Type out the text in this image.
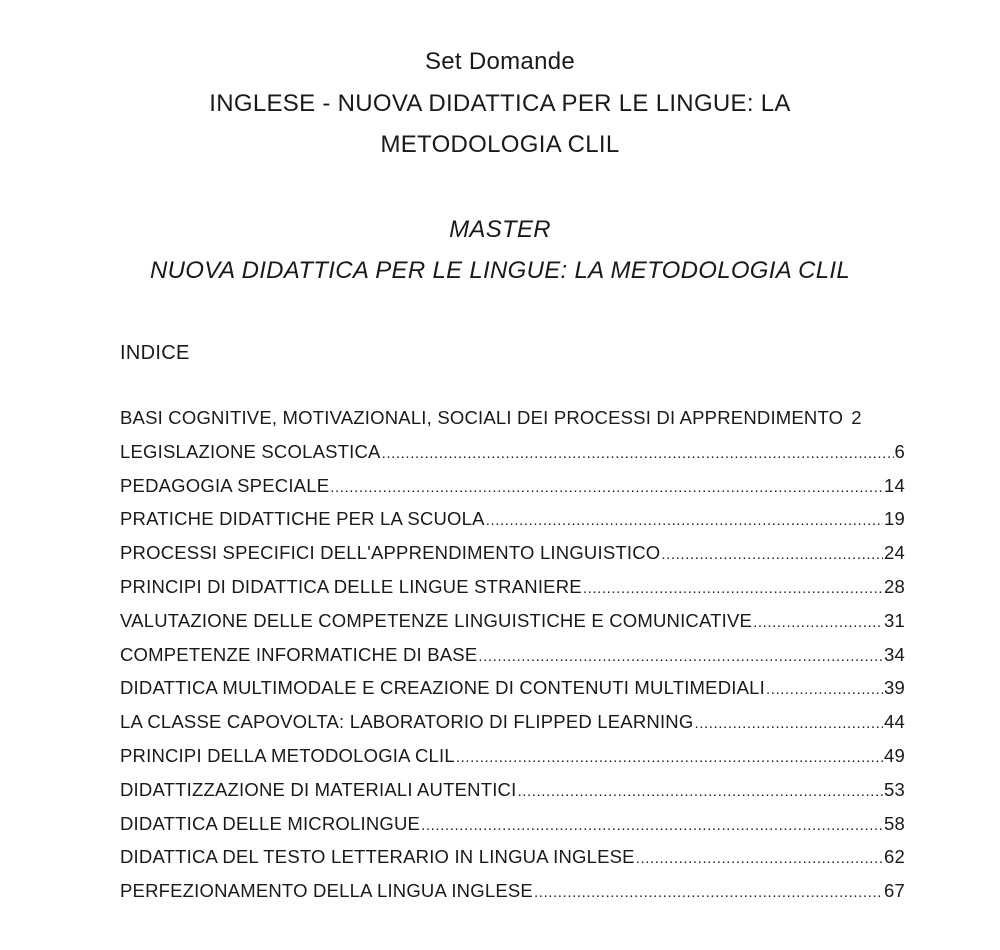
Set Domande
INGLESE - NUOVA DIDATTICA PER LE LINGUE: LA
METODOLOGIA CLIL
MASTER
NUOVA DIDATTICA PER LE LINGUE: LA METODOLOGIA CLIL
INDICE
BASI COGNITIVE, MOTIVAZIONALI, SOCIALI DEI PROCESSI DI APPRENDIMENTO 2
LEGISLAZIONE SCOLASTICA .....	6
PEDAGOGIA SPECIALE .....	14
PRATICHE DIDATTICHE PER LA SCUOLA .....	19
PROCESSI SPECIFICI DELL'APPRENDIMENTO LINGUISTICO .....	24
PRINCIPI DI DIDATTICA DELLE LINGUE STRANIERE .....	28
VALUTAZIONE DELLE COMPETENZE LINGUISTICHE E COMUNICATIVE .....	31
COMPETENZE INFORMATICHE DI BASE .....	34
DIDATTICA MULTIMODALE E CREAZIONE DI CONTENUTI MULTIMEDIALI .....	39
LA CLASSE CAPOVOLTA: LABORATORIO DI FLIPPED LEARNING .....	44
PRINCIPI DELLA METODOLOGIA CLIL .....	49
DIDATTIZZAZIONE DI MATERIALI AUTENTICI .....	53
DIDATTICA DELLE MICROLINGUE .....	58
DIDATTICA DEL TESTO LETTERARIO IN LINGUA INGLESE .....	62
PERFEZIONAMENTO DELLA LINGUA INGLESE .....	67
